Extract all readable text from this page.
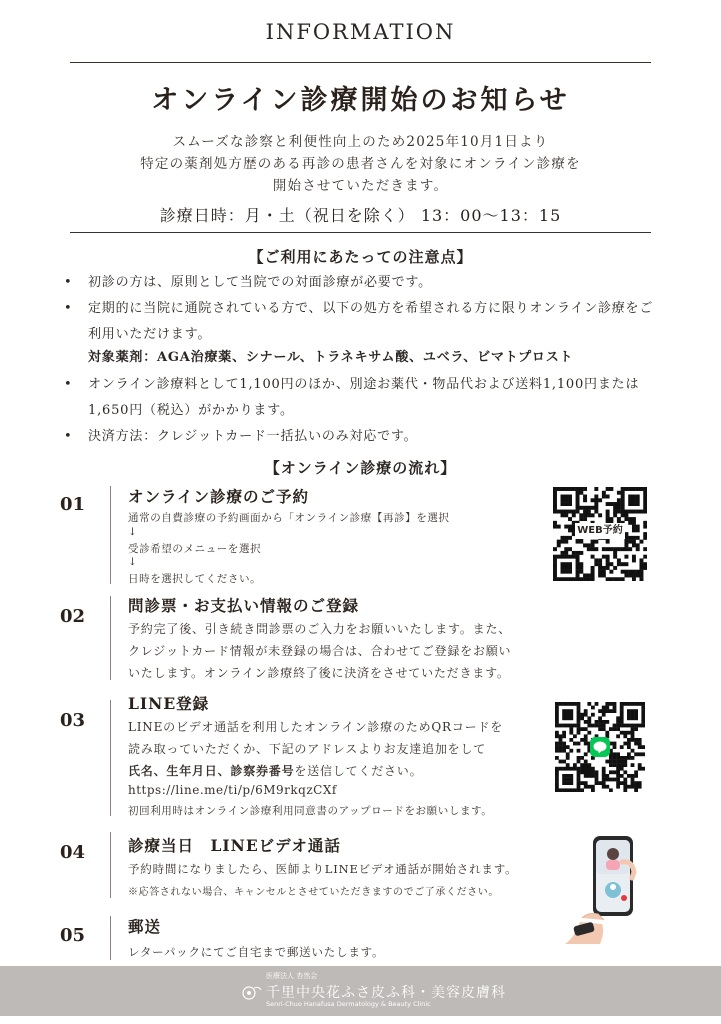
INFORMATION
オンライン診療開始のお知らせ
スムーズな診察と利便性向上のため2025年10月1日より
特定の薬剤処方歴のある再診の患者さんを対象にオンライン診療を
開始させていただきます。
診療日時：月・土（祝日を除く） 13：00〜13：15
【ご利用にあたっての注意点】
•	初診の方は、原則として当院での対面診療が必要です。
•	定期的に当院に通院されている方で、以下の処方を希望される方に限りオンライン診療をご利用いただけます。
対象薬剤：AGA治療薬、シナール、トラネキサム酸、ユベラ、ビマトプロスト
•	オンライン診療料として1,100円のほか、別途お薬代・物品代および送料1,100円または1,650円（税込）がかかります。
•	決済方法：クレジットカード一括払いのみ対応です。
【オンライン診療の流れ】
01	オンライン診療のご予約
通常の自費診療の予約画面から「オンライン診療【再診】を選択
↓
受診希望のメニューを選択
↓
日時を選択してください。
WEB予約
02
問診票・お支払い情報のご登録
予約完了後、引き続き問診票のご入力をお願いいたします。また、
クレジットカード情報が未登録の場合は、合わせてご登録をお願い
いたします。オンライン診療終了後に決済をさせていただきます。
03
LINE登録
LINEのビデオ通話を利用したオンライン診療のためQRコードを
読み取っていただくか、下記のアドレスよりお友達追加をして
氏名、生年月日、診察券番号を送信してください。
https://line.me/ti/p/6M9rkqzCXf
初回利用時はオンライン診療利用同意書のアップロードをお願いします。
04	診療当日　LINEビデオ通話
予約時間になりましたら、医師よりLINEビデオ通話が開始されます。
※応答されない場合、キャンセルとさせていただきますのでご了承ください。
05	郵送
レターパックにてご自宅まで郵送いたします。
医療法人 杏然会
千里中央花ふさ皮ふ科・美容皮膚科
Senri-Chuo Hanafusa Dermatology & Beauty Clinic
